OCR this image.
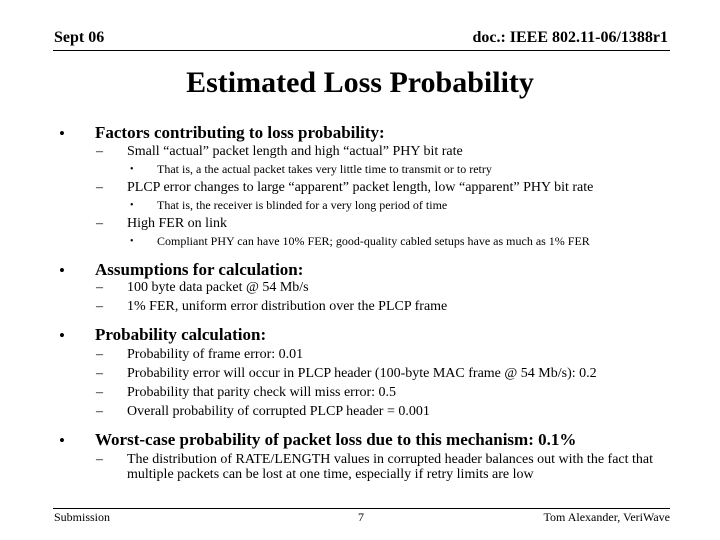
Sept 06	doc.: IEEE 802.11-06/1388r1
Estimated Loss Probability
• Factors contributing to loss probability:
– Small “actual” packet length and high “actual” PHY bit rate
• That is, a the actual packet takes very little time to transmit or to retry
– PLCP error changes to large “apparent” packet length, low “apparent” PHY bit rate
• That is, the receiver is blinded for a very long period of time
– High FER on link
• Compliant PHY can have 10% FER; good-quality cabled setups have as much as 1% FER
• Assumptions for calculation:
– 100 byte data packet @ 54 Mb/s
– 1% FER, uniform error distribution over the PLCP frame
• Probability calculation:
– Probability of frame error: 0.01
– Probability error will occur in PLCP header (100-byte MAC frame @ 54 Mb/s): 0.2
– Probability that parity check will miss error: 0.5
– Overall probability of corrupted PLCP header = 0.001
• Worst-case probability of packet loss due to this mechanism: 0.1%
– The distribution of RATE/LENGTH values in corrupted header balances out with the fact that multiple packets can be lost at one time, especially if retry limits are low
Submission	7	Tom Alexander, VeriWave
